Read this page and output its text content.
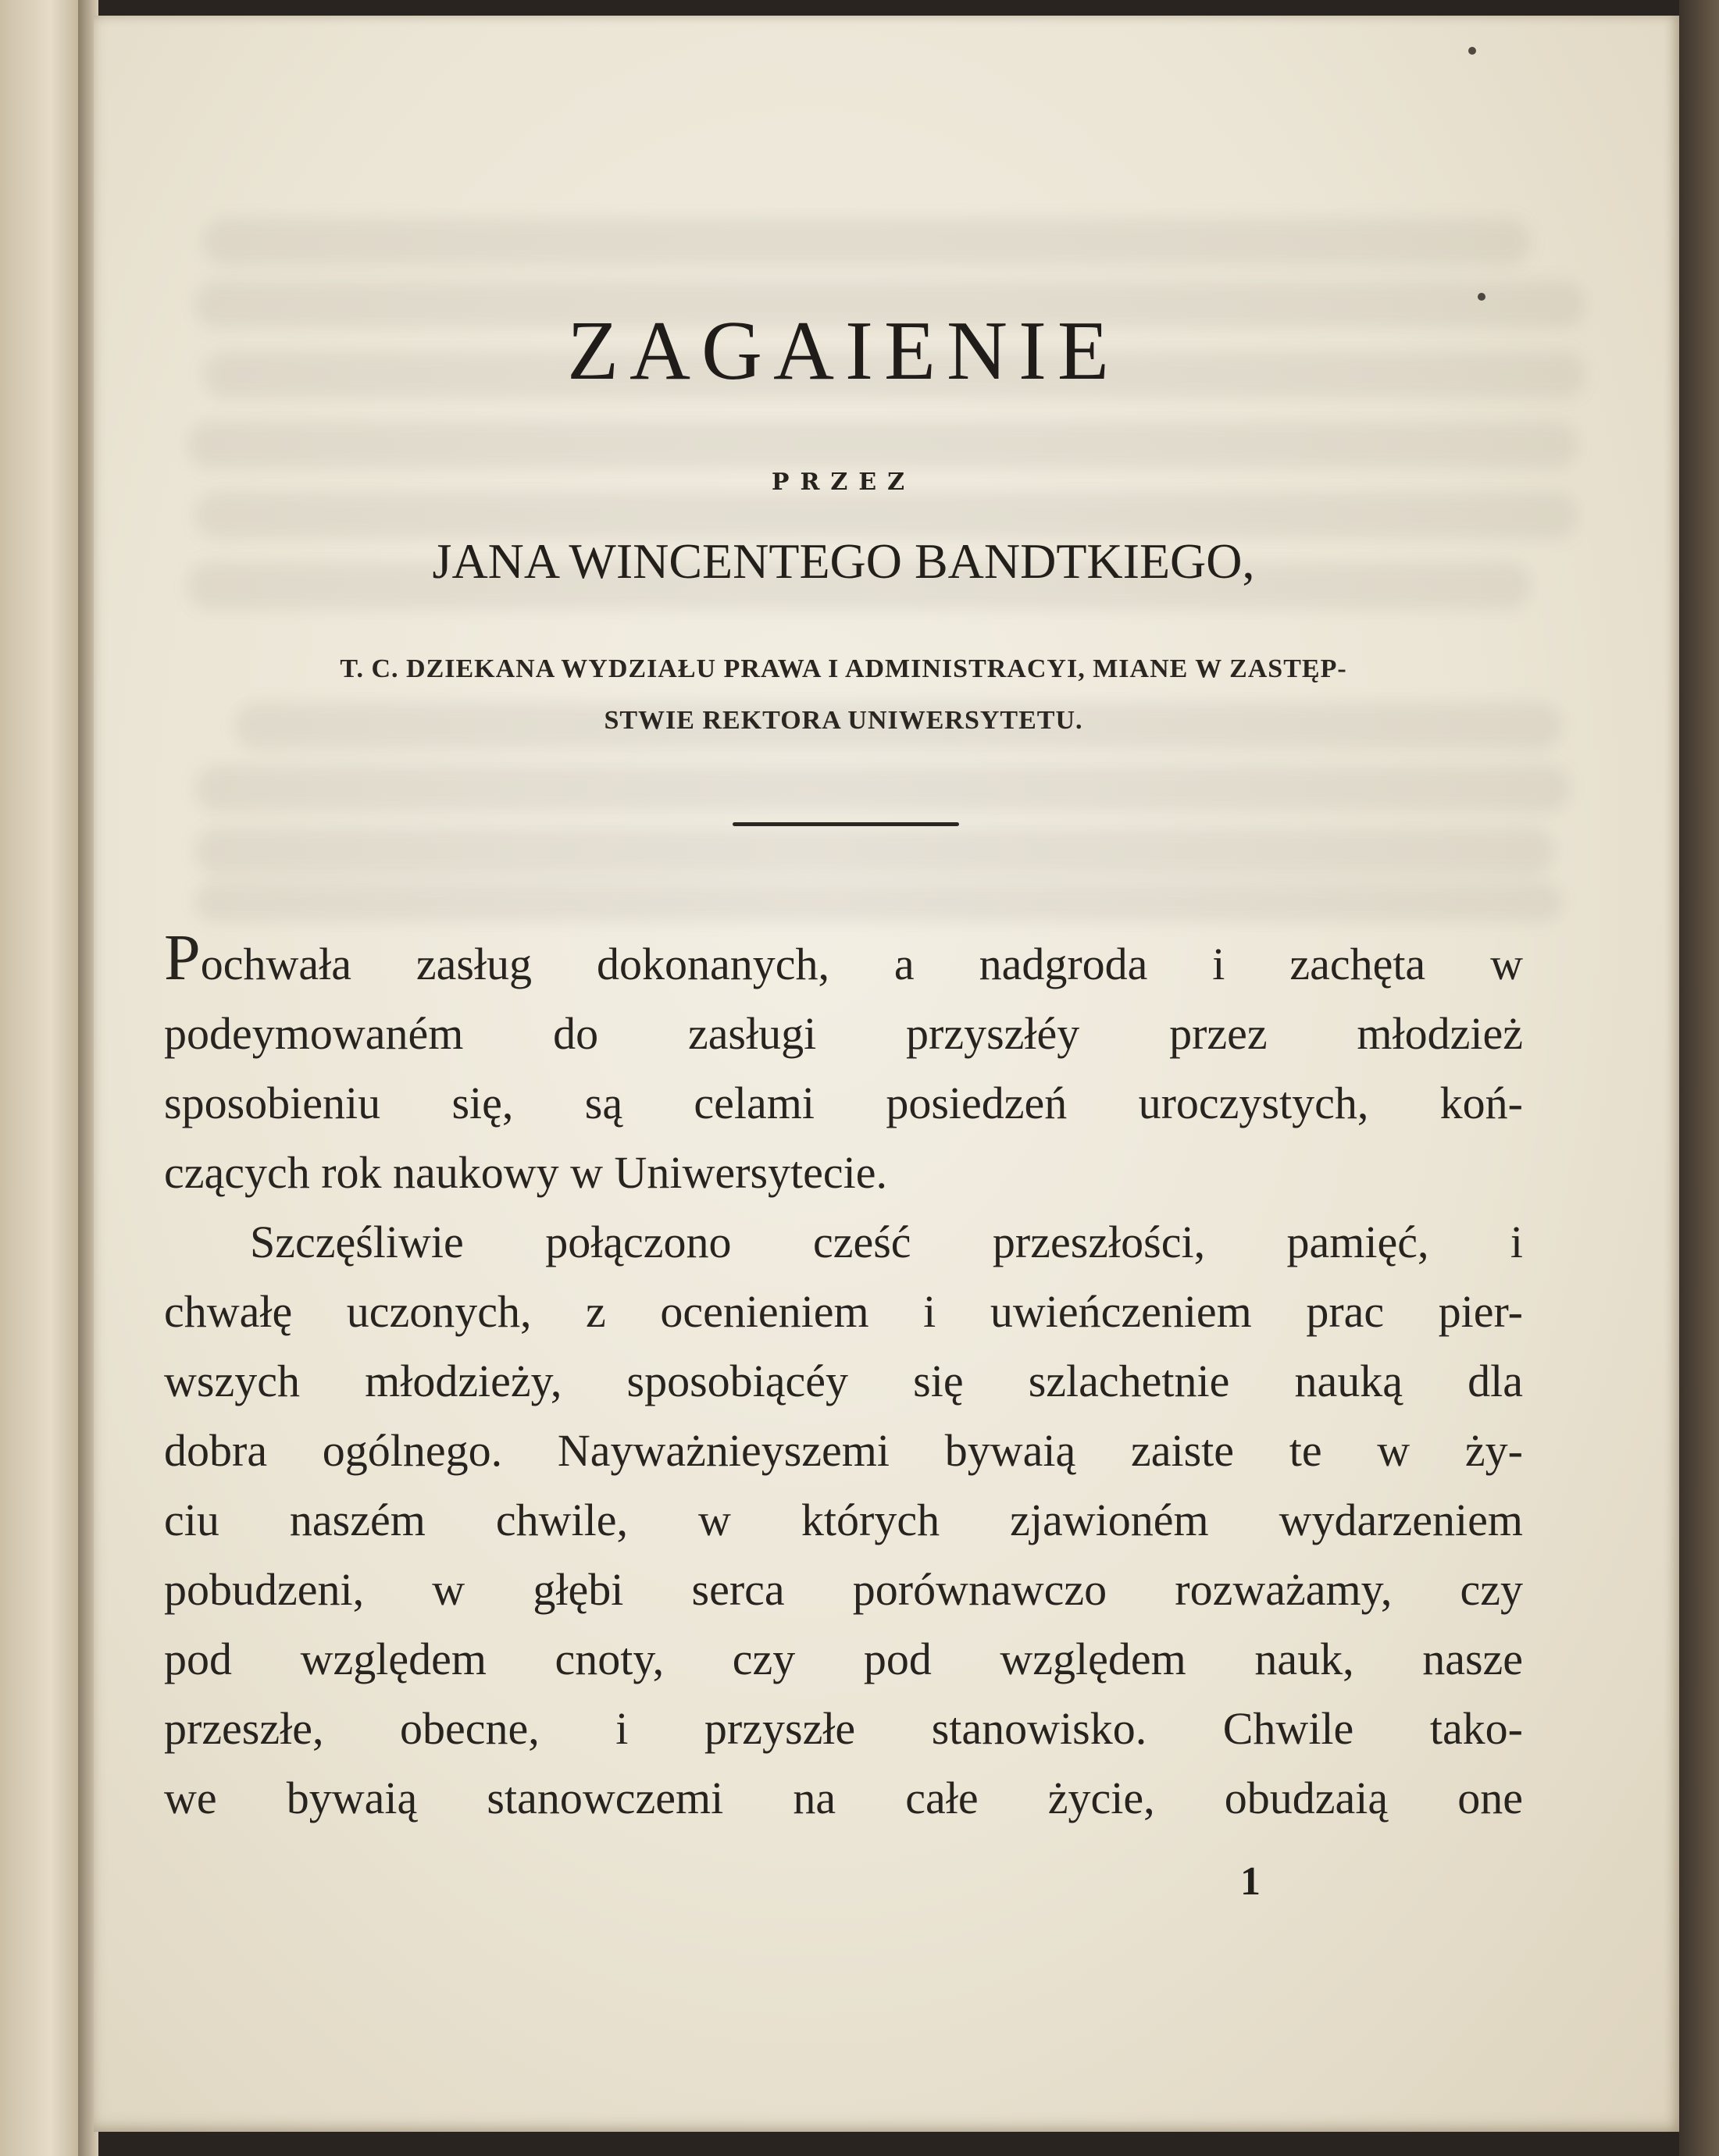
ZAGAIENIE
PRZEZ
JANA WINCENTEGO BANDTKIEGO,
T. C. DZIEKANA WYDZIAŁU PRAWA I ADMINISTRACYI, MIANE W ZASTĘP-
STWIE REKTORA UNIWERSYTETU.
Pochwała zasług dokonanych, a nadgroda i zachęta w
podeymowaném do zasługi przyszłéy przez młodzież
sposobieniu się, są celami posiedzeń uroczystych, koń-
czących rok naukowy w Uniwersytecie.
Szczęśliwie połączono cześć przeszłości, pamięć, i
chwałę uczonych, z ocenieniem i uwieńczeniem prac pier-
wszych młodzieży, sposobiącéy się szlachetnie nauką dla
dobra ogólnego. Nayważnieyszemi bywaią zaiste te w ży-
ciu naszém chwile, w których zjawioném wydarzeniem
pobudzeni, w głębi serca porównawczo rozważamy, czy
pod względem cnoty, czy pod względem nauk, nasze
przeszłe, obecne, i przyszłe stanowisko. Chwile tako-
we bywaią stanowczemi na całe życie, obudzaią one
1
